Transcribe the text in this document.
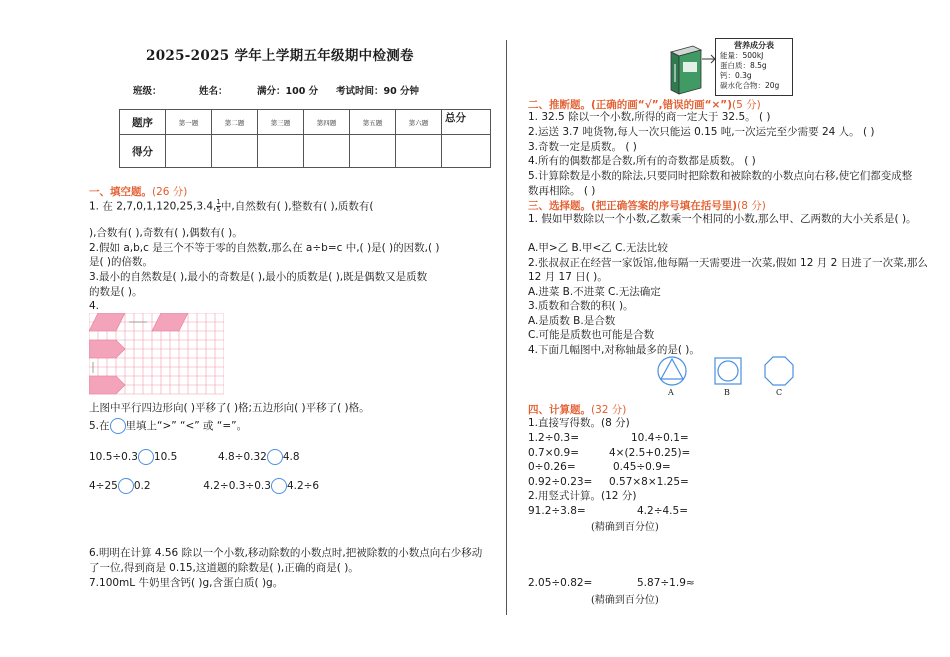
2025-2025 学年上学期五年级期中检测卷
班级：	姓名：	满分：100 分 考试时间：90 分钟
题序	第一题	第二题	第三题	第四题	第五题	第六题	总分
得分							
一、填空题。(26 分)
1. 在 $2,7,0,1,120,25,3.4,\frac{1}{5}$中,自然数有( ),整数有( ),质数有(
),合数有( ),奇数有( ),偶数有( )。
2.假如 a,b,c 是三个不等于零的自然数,那么在 a÷b=c 中,( )是( )的因数,( )
是( )的倍数。
3.最小的自然数是( ),最小的奇数是( ),最小的质数是( ),既是偶数又是质数
的数是( )。
4.
上图中平行四边形向( )平移了( )格;五边形向( )平移了( )格。
5.在 里填上“>” “<” 或 “=”。
10.5÷0.3 10.5	4.8÷0.32 4.8
4÷25 0.2	4.2÷0.3÷0.3 4.2÷6
6.明明在计算 4.56 除以一个小数,移动除数的小数点时,把被除数的小数点向右少移动
了一位,得到商是 0.15,这道题的除数是( ),正确的商是( )。
7.100mL 牛奶里含钙( )g,含蛋白质( )g。
营养成分表
能量：500kJ
蛋白质：8.5g
钙：0.3g
碳水化合物：20g
二、推断题。(正确的画“√”,错误的画“×”)(5 分)
1. 32.5 除以一个小数,所得的商一定大于 32.5。 ( )
2.运送 3.7 吨货物,每人一次只能运 0.15 吨,一次运完至少需要 24 人。 ( )
3.奇数一定是质数。 ( )
4.所有的偶数都是合数,所有的奇数都是质数。 ( )
5.计算除数是小数的除法,只要同时把除数和被除数的小数点向右移,使它们都变成整
数再相除。 ( )
三、选择题。(把正确答案的序号填在括号里)(8 分)
1. 假如甲数除以一个小数,乙数乘一个相同的小数,那么甲、乙两数的大小关系是( )。
A.甲>乙 B.甲<乙 C.无法比较
2.张叔叔正在经营一家饭馆,他每隔一天需要进一次菜,假如 12 月 2 日进了一次菜,那么
12 月 17 日( )。
A.进菜 B.不进菜 C.无法确定
3.质数和合数的积( )。
A.是质数 B.是合数
C.可能是质数也可能是合数
4.下面几幅图中,对称轴最多的是( )。
A	B	C
四、计算题。(32 分)
1.直接写得数。(8 分)
1.2÷0.3=	10.4÷0.1=
0.7×0.9=	4×(2.5+0.25)=
0÷0.26=	0.45÷0.9=
0.92÷0.23= 0.57×8×1.25=
2.用竖式计算。(12 分)
91.2÷3.8=	4.2÷4.5=
(精确到百分位)
2.05÷0.82=	5.87÷1.9≈
(精确到百分位)
